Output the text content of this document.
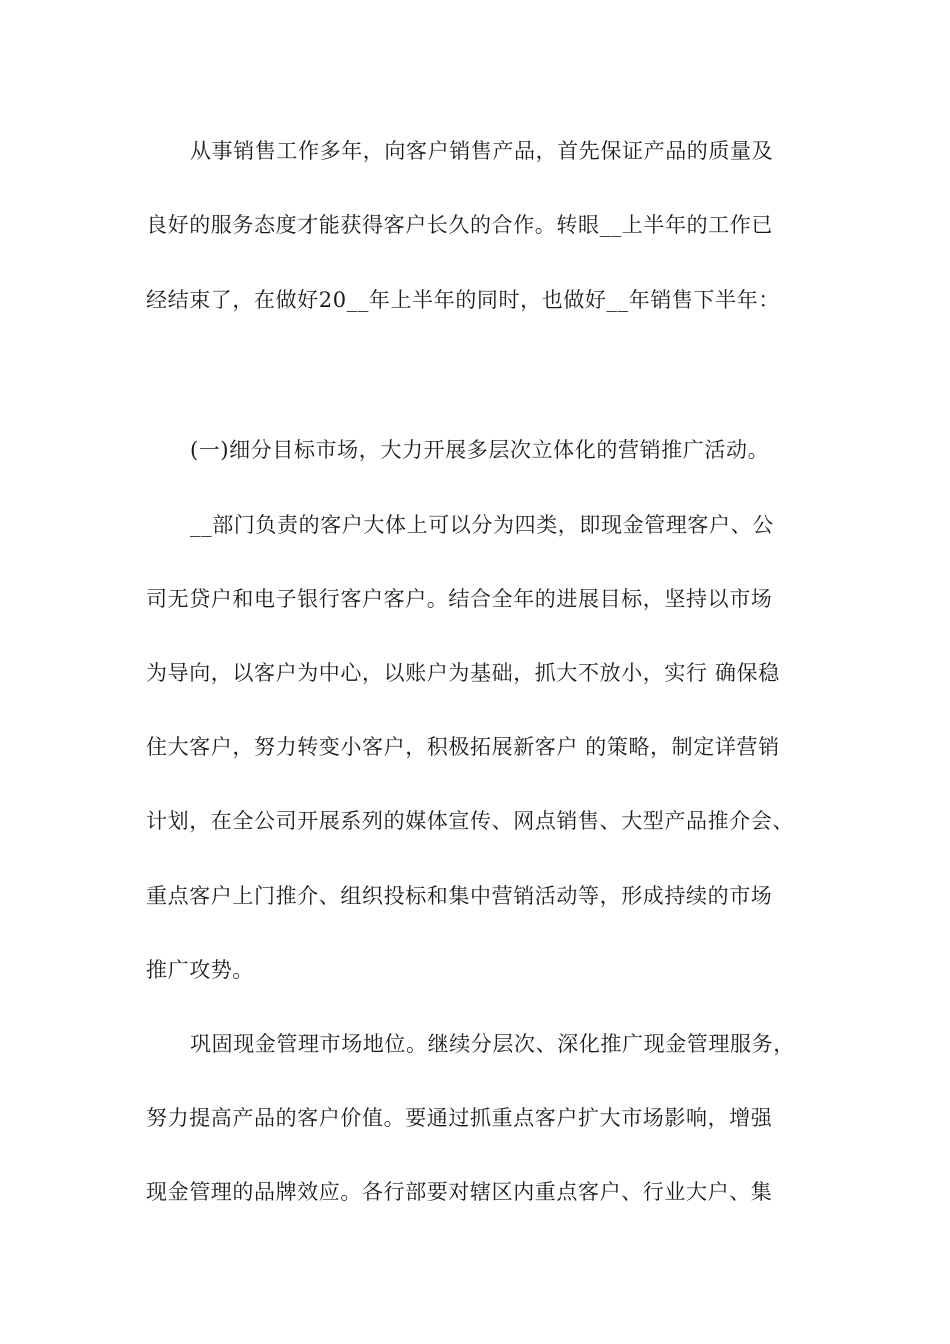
从事销售工作多年，向客户销售产品，首先保证产品的质量及
良好的服务态度才能获得客户长久的合作。转眼__上半年的工作已
经结束了，在做好20__年上半年的同时，也做好__年销售下半年：
(一)细分目标市场，大力开展多层次立体化的营销推广活动。
__部门负责的客户大体上可以分为四类，即现金管理客户、公
司无贷户和电子银行客户客户。结合全年的进展目标，坚持以市场
为导向，以客户为中心，以账户为基础，抓大不放小，实行 确保稳
住大客户，努力转变小客户，积极拓展新客户 的策略，制定详营销
计划，在全公司开展系列的媒体宣传、网点销售、大型产品推介会、
重点客户上门推介、组织投标和集中营销活动等，形成持续的市场
推广攻势。
巩固现金管理市场地位。继续分层次、深化推广现金管理服务，
努力提高产品的客户价值。要通过抓重点客户扩大市场影响，增强
现金管理的品牌效应。各行部要对辖区内重点客户、行业大户、集
